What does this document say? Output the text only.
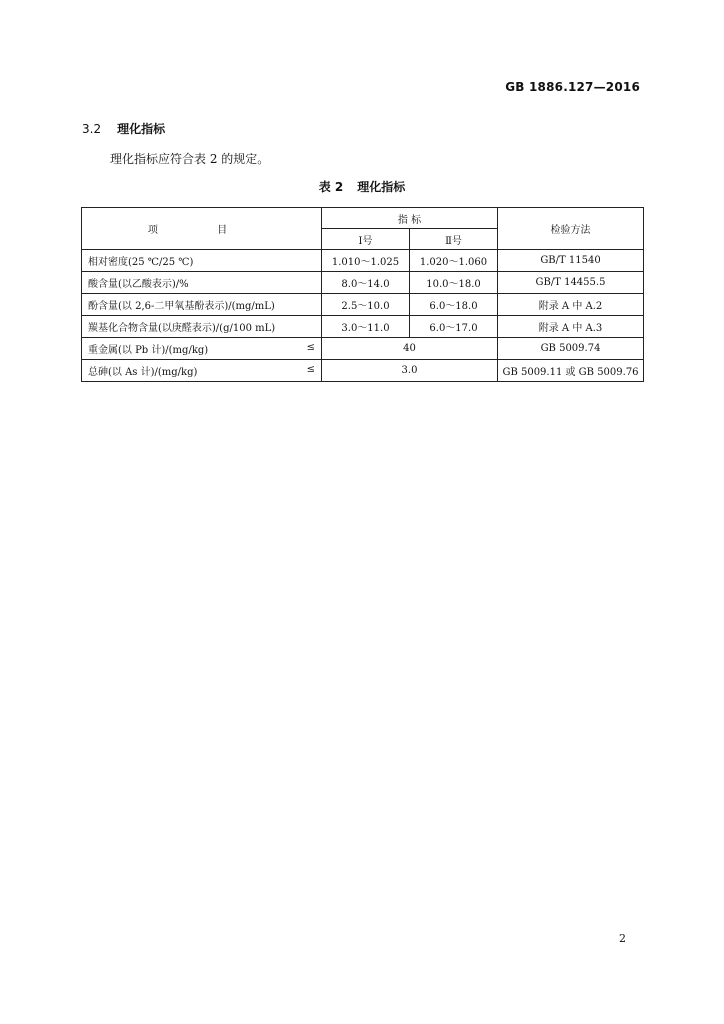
GB 1886.127—2016
3.2 理化指标
理化指标应符合表 2 的规定。
表 2 理化指标
项 目	指 标		检验方法
	Ⅰ号	Ⅱ号	
相对密度(25 ℃/25 ℃)	1.010～1.025	1.020～1.060	GB/T 11540
酸含量(以乙酸表示)/%	8.0～14.0	10.0～18.0	GB/T 14455.5
酚含量(以 2,6-二甲氧基酚表示)/(mg/mL)	2.5～10.0	6.0～18.0	附录 A 中 A.2
羰基化合物含量(以庚醛表示)/(g/100 mL)	3.0～11.0	6.0～17.0	附录 A 中 A.3
重金属(以 Pb 计)/(mg/kg) ≤	40		GB 5009.74
总砷(以 As 计)/(mg/kg) ≤	3.0		GB 5009.11 或 GB 5009.76
2
